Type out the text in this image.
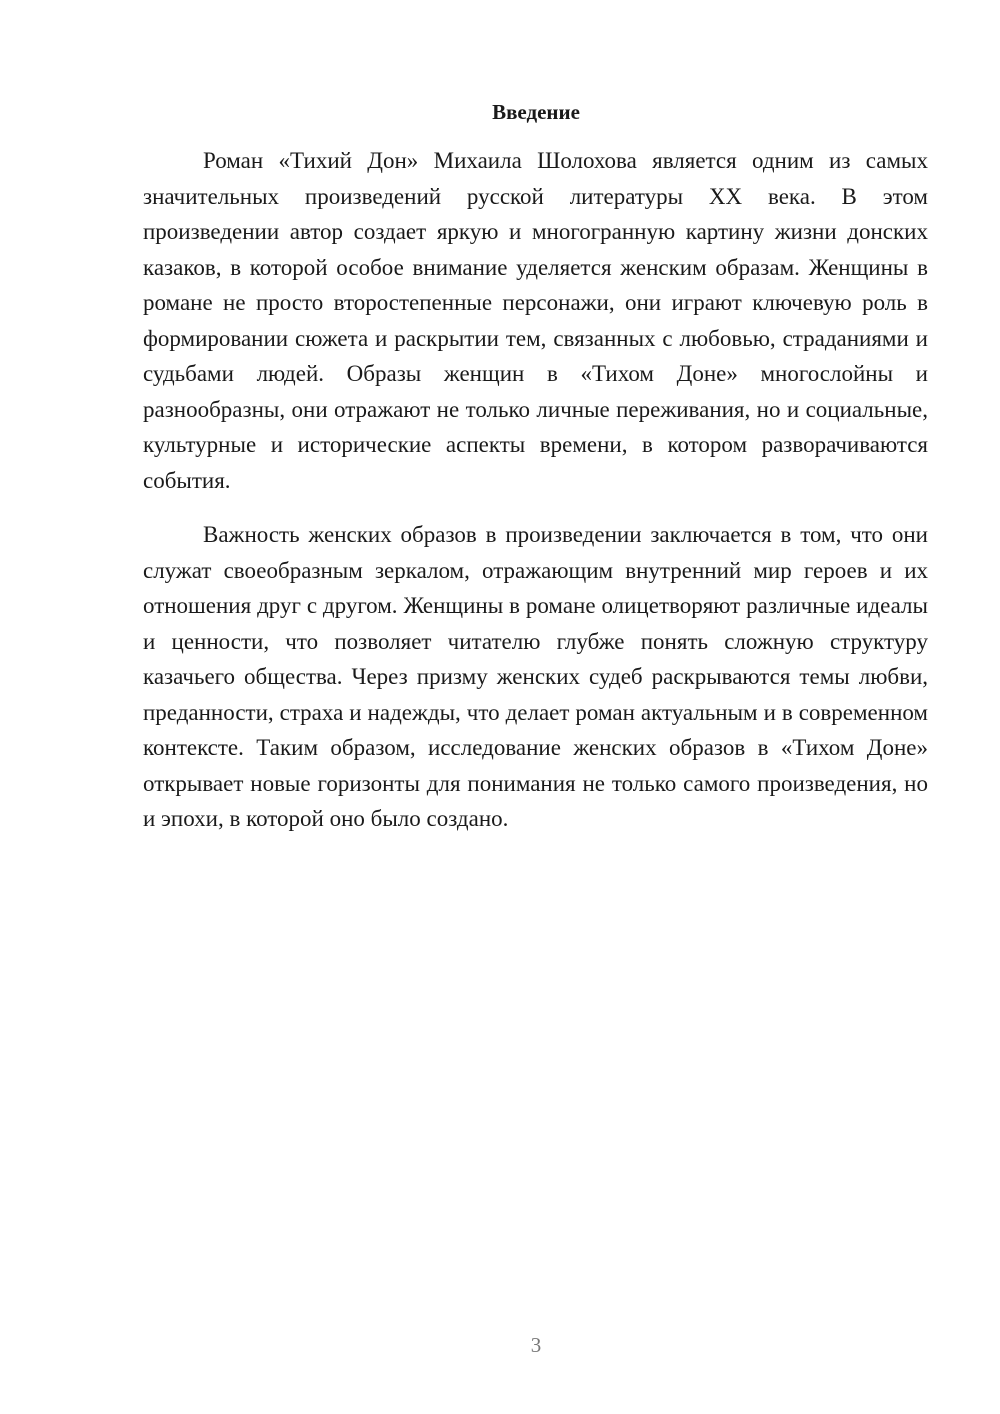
Введение

Роман «Тихий Дон» Михаила Шолохова является одним из самых значительных произведений русской литературы XX века. В этом произведении автор создает яркую и многогранную картину жизни донских казаков, в которой особое внимание уделяется женским образам. Женщины в романе не просто второстепенные персонажи, они играют ключевую роль в формировании сюжета и раскрытии тем, связанных с любовью, страданиями и судьбами людей. Образы женщин в «Тихом Доне» многослойны и разнообразны, они отражают не только личные переживания, но и социальные, культурные и исторические аспекты времени, в котором разворачиваются события.

Важность женских образов в произведении заключается в том, что они служат своеобразным зеркалом, отражающим внутренний мир героев и их отношения друг с другом. Женщины в романе олицетворяют различные идеалы и ценности, что позволяет читателю глубже понять сложную структуру казачьего общества. Через призму женских судеб раскрываются темы любви, преданности, страха и надежды, что делает роман актуальным и в современном контексте. Таким образом, исследование женских образов в «Тихом Доне» открывает новые горизонты для понимания не только самого произведения, но и эпохи, в которой оно было создано.

3
